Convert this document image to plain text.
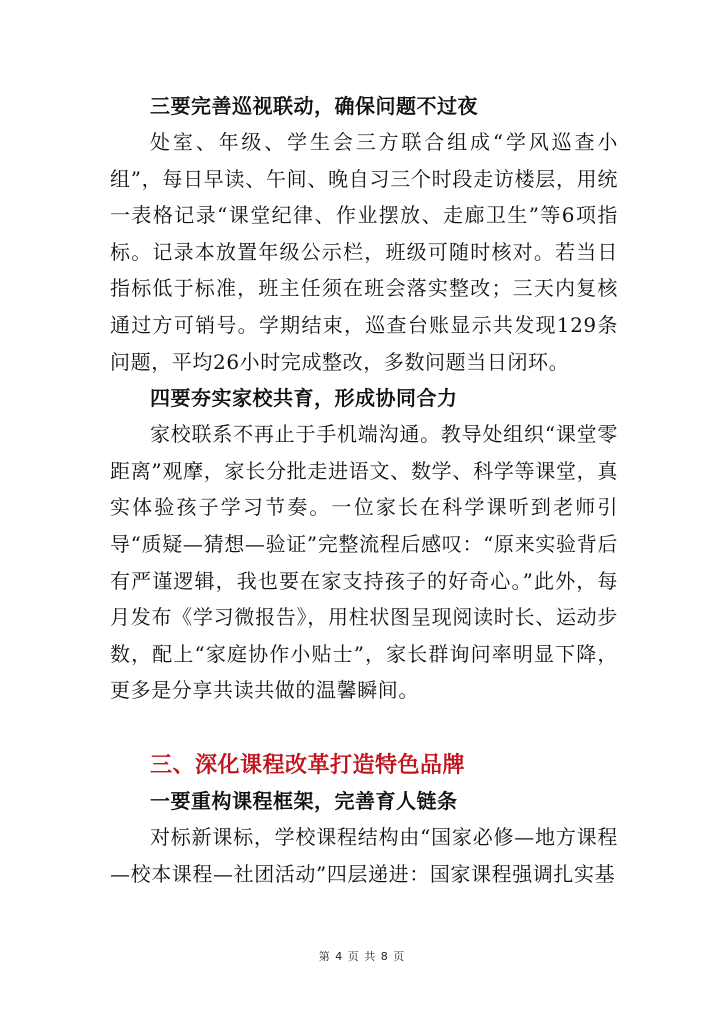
三要完善巡视联动，确保问题不过夜

处室、年级、学生会三方联合组成“学风巡查小组”，每日早读、午间、晚自习三个时段走访楼层，用统一表格记录“课堂纪律、作业摆放、走廊卫生”等6项指标。记录本放置年级公示栏，班级可随时核对。若当日指标低于标准，班主任须在班会落实整改；三天内复核通过方可销号。学期结束，巡查台账显示共发现129条问题，平均26小时完成整改，多数问题当日闭环。

四要夯实家校共育，形成协同合力

家校联系不再止于手机端沟通。教导处组织“课堂零距离”观摩，家长分批走进语文、数学、科学等课堂，真实体验孩子学习节奏。一位家长在科学课听到老师引导“质疑—猜想—验证”完整流程后感叹：“原来实验背后有严谨逻辑，我也要在家支持孩子的好奇心。”此外，每月发布《学习微报告》，用柱状图呈现阅读时长、运动步数，配上“家庭协作小贴士”，家长群询问率明显下降，更多是分享共读共做的温馨瞬间。

三、深化课程改革打造特色品牌

一要重构课程框架，完善育人链条

对标新课标，学校课程结构由“国家必修—地方课程—校本课程—社团活动”四层递进：国家课程强调扎实基

第 4 页 共 8 页
